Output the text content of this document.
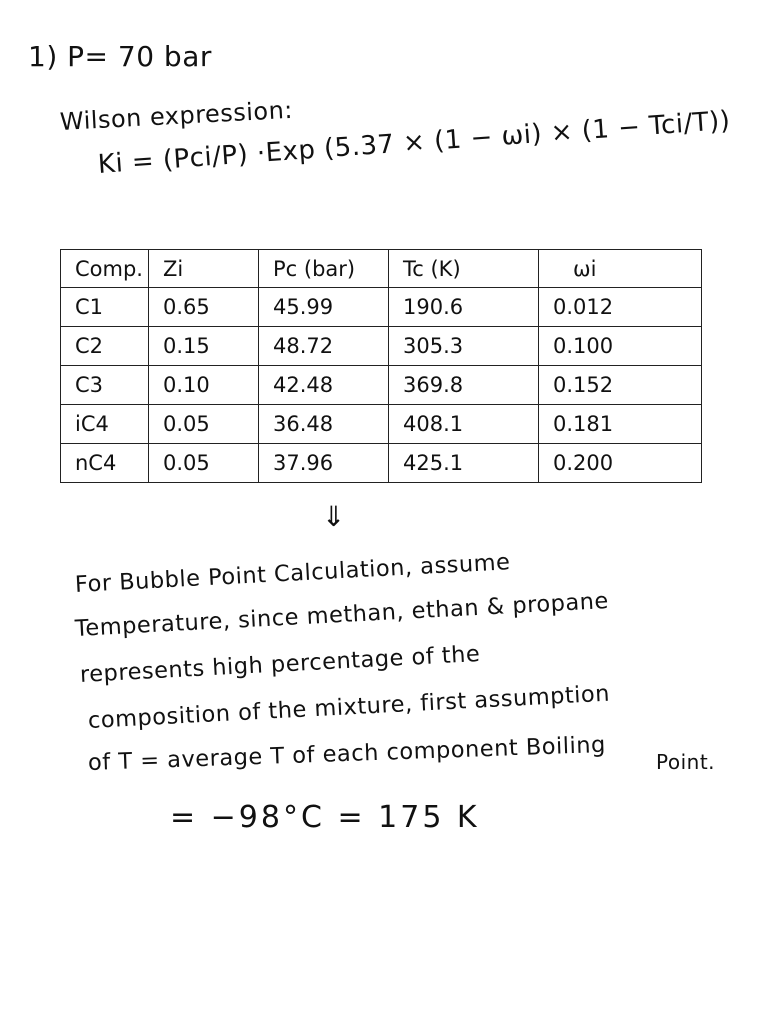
1) P= 70 bar
Wilson expression:
Ki = (Pci/P) ·Exp (5.37 × (1 − ωi) × (1 − Tci/T))
Comp.	Zi	Pc (bar)	Tc (K)	ωi
C1	0.65	45.99	190.6	0.012
C2	0.15	48.72	305.3	0.100
C3	0.10	42.48	369.8	0.152
iC4	0.05	36.48	408.1	0.181
nC4	0.05	37.96	425.1	0.200
⇓
For Bubble Point Calculation, assume
Temperature, since methan, ethan & propane
represents high percentage of the
composition of the mixture, first assumption
of T = average T of each component Boiling Point.
= −98°C = 175 K
